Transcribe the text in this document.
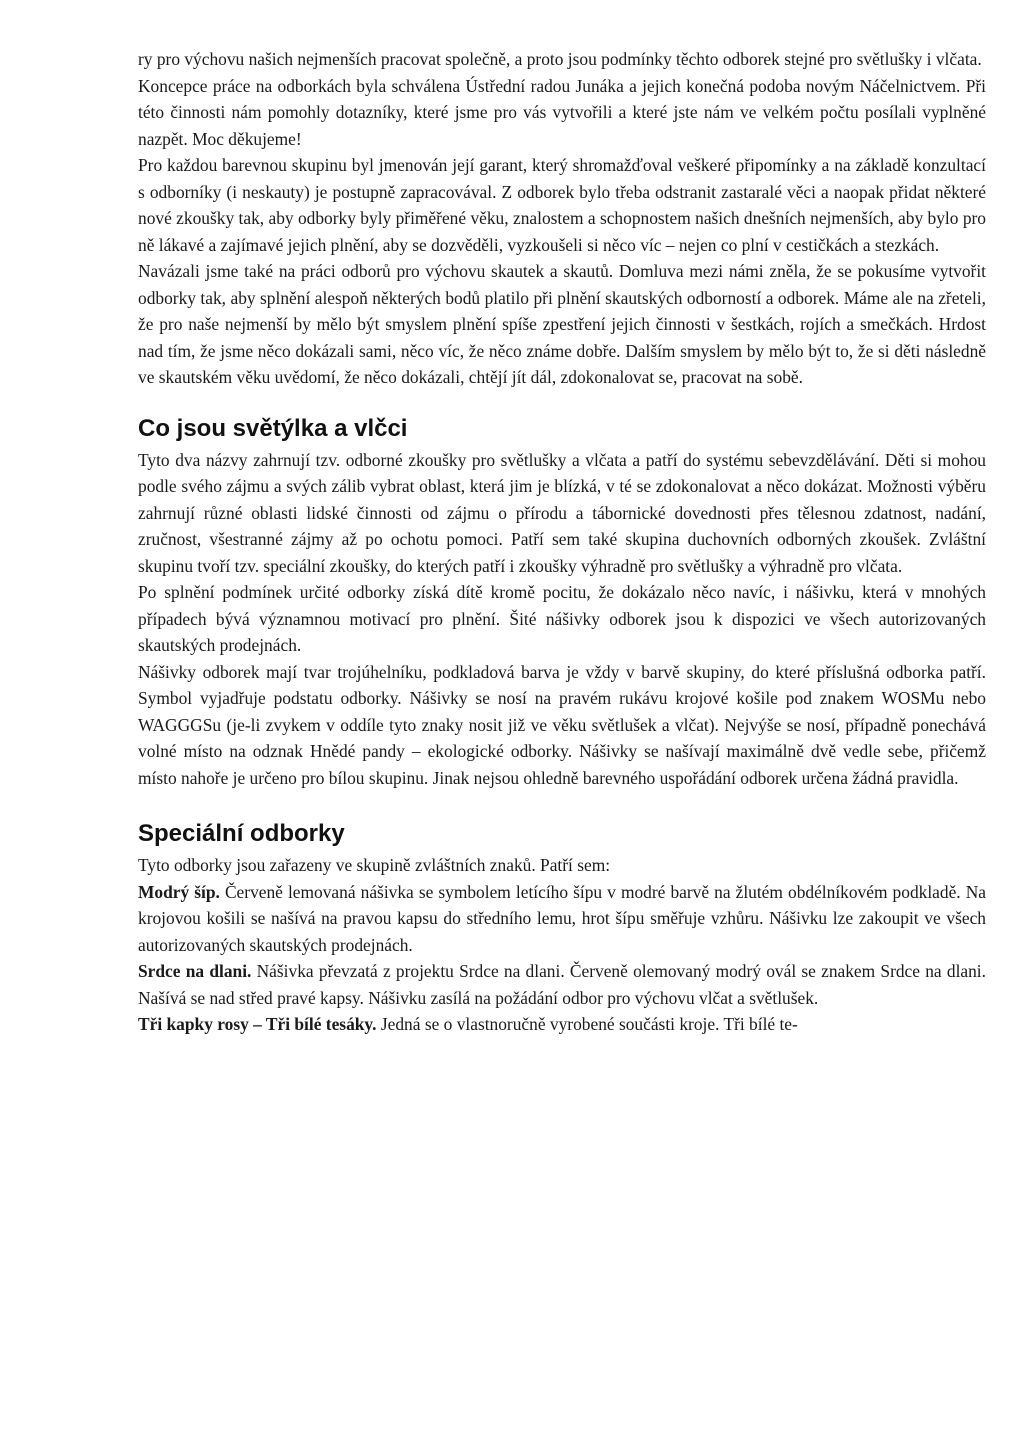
ry pro výchovu našich nejmenších pracovat společně, a proto jsou podmínky těchto odborek stejné pro světlušky i vlčata.

Koncepce práce na odborkách byla schválena Ústřední radou Junáka a jejich konečná podoba novým Náčelnictvem. Při této činnosti nám pomohly dotazníky, které jsme pro vás vytvořili a které jste nám ve velkém počtu posílali vyplněné nazpět. Moc děkujeme!

Pro každou barevnou skupinu byl jmenován její garant, který shromažďoval veškeré připomínky a na základě konzultací s odborníky (i neskauty) je postupně zapracovával. Z odborek bylo třeba odstranit zastaralé věci a naopak přidat některé nové zkoušky tak, aby odborky byly přiměřené věku, znalostem a schopnostem našich dnešních nejmenších, aby bylo pro ně lákavé a zajímavé jejich plnění, aby se dozvěděli, vyzkoušeli si něco víc – nejen co plní v cestičkách a stezkách.

Navázali jsme také na práci odborů pro výchovu skautek a skautů. Domluva mezi námi zněla, že se pokusíme vytvořit odborky tak, aby splnění alespoň některých bodů platilo při plnění skautských odborností a odborek. Máme ale na zřeteli, že pro naše nejmenší by mělo být smyslem plnění spíše zpestření jejich činnosti v šestkách, rojích a smečkách. Hrdost nad tím, že jsme něco dokázali sami, něco víc, že něco známe dobře. Dalším smyslem by mělo být to, že si děti následně ve skautském věku uvědomí, že něco dokázali, chtějí jít dál, zdokonalovat se, pracovat na sobě.

Co jsou světýlka a vlčci

Tyto dva názvy zahrnují tzv. odborné zkoušky pro světlušky a vlčata a patří do systému sebevzdělávání. Děti si mohou podle svého zájmu a svých zálib vybrat oblast, která jim je blízká, v té se zdokonalovat a něco dokázat. Možnosti výběru zahrnují různé oblasti lidské činnosti od zájmu o přírodu a tábornické dovednosti přes tělesnou zdatnost, nadání, zručnost, všestranné zájmy až po ochotu pomoci. Patří sem také skupina duchovních odborných zkoušek. Zvláštní skupinu tvoří tzv. speciální zkoušky, do kterých patří i zkoušky výhradně pro světlušky a výhradně pro vlčata.

Po splnění podmínek určité odborky získá dítě kromě pocitu, že dokázalo něco navíc, i nášivku, která v mnohých případech bývá významnou motivací pro plnění. Šité nášivky odborek jsou k dispozici ve všech autorizovaných skautských prodejnách.

Nášivky odborek mají tvar trojúhelníku, podkladová barva je vždy v barvě skupiny, do které příslušná odborka patří. Symbol vyjadřuje podstatu odborky. Nášivky se nosí na pravém rukávu krojové košile pod znakem WOSMu nebo WAGGGSu (je-li zvykem v oddíle tyto znaky nosit již ve věku světlušek a vlčat). Nejvýše se nosí, případně ponechává volné místo na odznak Hnědé pandy – ekologické odborky. Nášivky se našívají maximálně dvě vedle sebe, přičemž místo nahoře je určeno pro bílou skupinu. Jinak nejsou ohledně barevného uspořádání odborek určena žádná pravidla.

Speciální odborky

Tyto odborky jsou zařazeny ve skupině zvláštních znaků. Patří sem:

Modrý šíp. Červeně lemovaná nášivka se symbolem letícího šípu v modré barvě na žlutém obdélníkovém podkladě. Na krojovou košili se našívá na pravou kapsu do středního lemu, hrot šípu směřuje vzhůru. Nášivku lze zakoupit ve všech autorizovaných skautských prodejnách.

Srdce na dlani. Nášivka převzatá z projektu Srdce na dlani. Červeně olemovaný modrý ovál se znakem Srdce na dlani. Našívá se nad střed pravé kapsy. Nášivku zasílá na požádání odbor pro výchovu vlčat a světlušek.

Tři kapky rosy – Tři bílé tesáky. Jedná se o vlastnoručně vyrobené součásti kroje. Tři bílé te-
